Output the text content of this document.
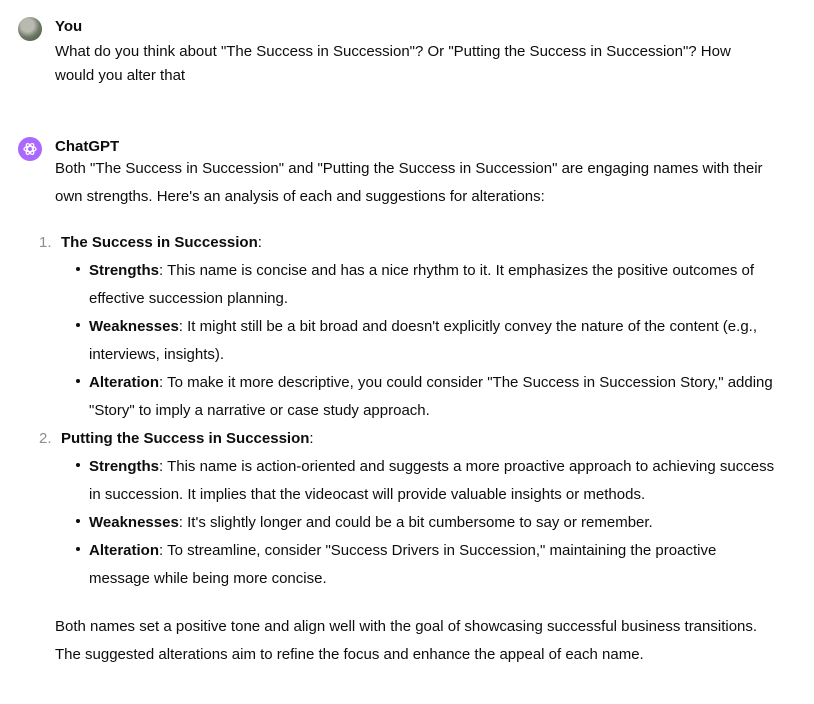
You
What do you think about "The Success in Succession"? Or "Putting the Success in Succession"? How would you alter that
ChatGPT

Both "The Success in Succession" and "Putting the Success in Succession" are engaging names with their own strengths. Here's an analysis of each and suggestions for alterations:

1. The Success in Succession:
Strengths: This name is concise and has a nice rhythm to it. It emphasizes the positive outcomes of effective succession planning.
Weaknesses: It might still be a bit broad and doesn't explicitly convey the nature of the content (e.g., interviews, insights).
Alteration: To make it more descriptive, you could consider "The Success in Succession Story," adding "Story" to imply a narrative or case study approach.
2. Putting the Success in Succession:
Strengths: This name is action-oriented and suggests a more proactive approach to achieving success in succession. It implies that the videocast will provide valuable insights or methods.
Weaknesses: It's slightly longer and could be a bit cumbersome to say or remember.
Alteration: To streamline, consider "Success Drivers in Succession," maintaining the proactive message while being more concise.

Both names set a positive tone and align well with the goal of showcasing successful business transitions. The suggested alterations aim to refine the focus and enhance the appeal of each name.
